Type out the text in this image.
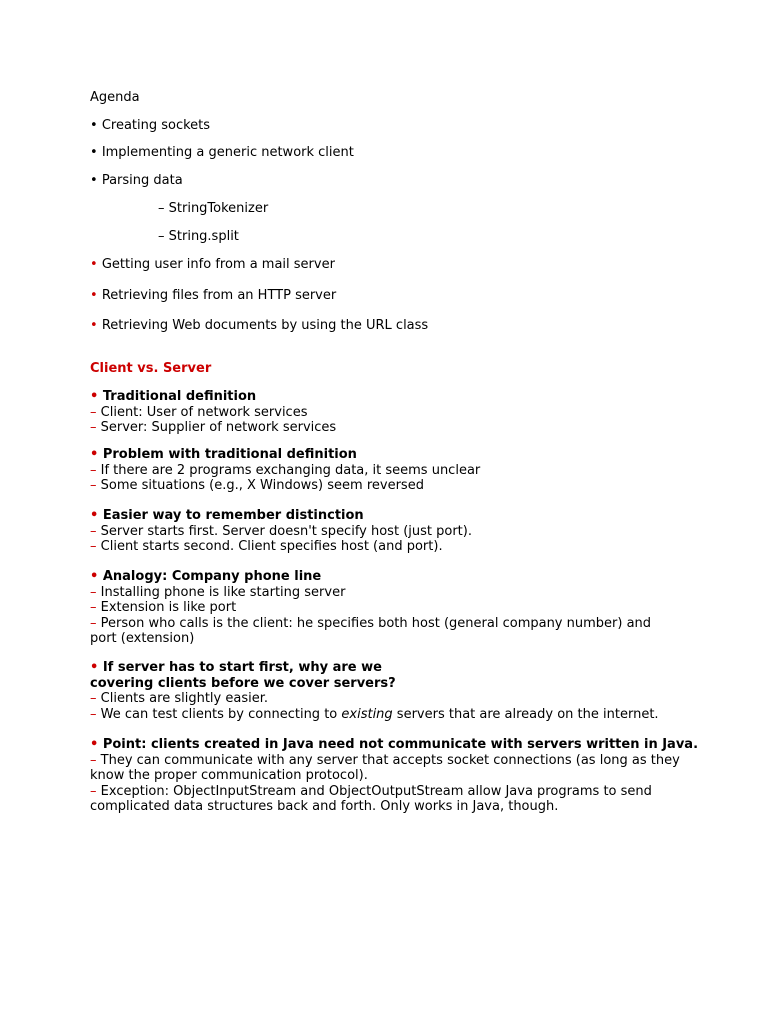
Agenda
• Creating sockets
• Implementing a generic network client
• Parsing data
– StringTokenizer
– String.split
• Getting user info from a mail server
• Retrieving files from an HTTP server
• Retrieving Web documents by using the URL class
Client vs. Server
• Traditional definition
– Client: User of network services
– Server: Supplier of network services
• Problem with traditional definition
– If there are 2 programs exchanging data, it seems unclear
– Some situations (e.g., X Windows) seem reversed
• Easier way to remember distinction
– Server starts first. Server doesn't specify host (just port).
– Client starts second. Client specifies host (and port).
• Analogy: Company phone line
– Installing phone is like starting server
– Extension is like port
– Person who calls is the client: he specifies both host (general company number) and port (extension)
• If server has to start first, why are we
covering clients before we cover servers?
– Clients are slightly easier.
– We can test clients by connecting to existing servers that are already on the internet.
• Point: clients created in Java need not communicate with servers written in Java.
– They can communicate with any server that accepts socket connections (as long as they know the proper communication protocol).
– Exception: ObjectInputStream and ObjectOutputStream allow Java programs to send complicated data structures back and forth. Only works in Java, though.
